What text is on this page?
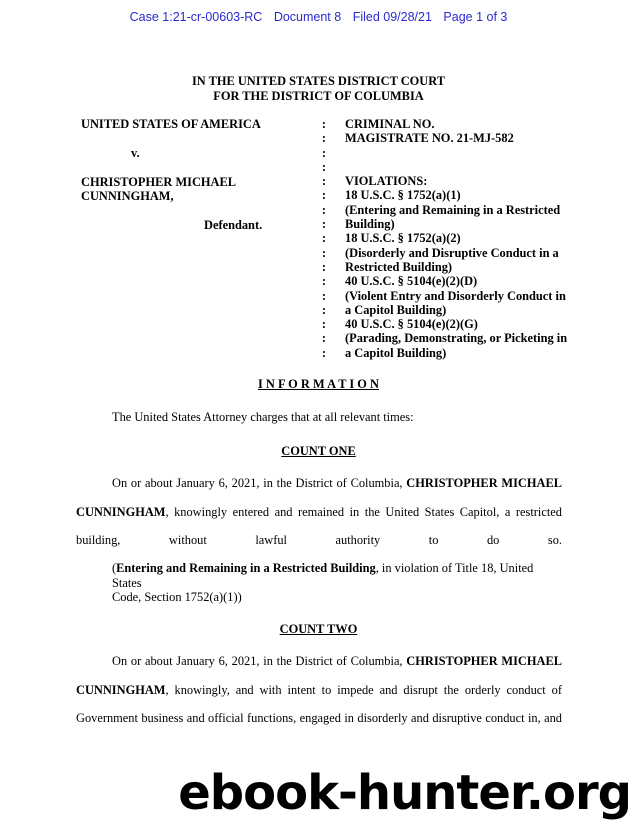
Case 1:21-cr-00603-RC Document 8 Filed 09/28/21 Page 1 of 3
IN THE UNITED STATES DISTRICT COURT
FOR THE DISTRICT OF COLUMBIA
UNITED STATES OF AMERICA
v.
CHRISTOPHER MICHAEL
CUNNINGHAM,
Defendant.
:
:
:
:
:
:
:
:
:
:
:
:
:
:
:
:
:
CRIMINAL NO.
MAGISTRATE NO. 21-MJ-582
VIOLATIONS:
18 U.S.C. § 1752(a)(1)
(Entering and Remaining in a Restricted
Building)
18 U.S.C. § 1752(a)(2)
(Disorderly and Disruptive Conduct in a
Restricted Building)
40 U.S.C. § 5104(e)(2)(D)
(Violent Entry and Disorderly Conduct in
a Capitol Building)
40 U.S.C. § 5104(e)(2)(G)
(Parading, Demonstrating, or Picketing in
a Capitol Building)
I N F O R M A T I O N
The United States Attorney charges that at all relevant times:
COUNT ONE
On or about January 6, 2021, in the District of Columbia, CHRISTOPHER MICHAEL
CUNNINGHAM, knowingly entered and remained in the United States Capitol, a restricted
building, without lawful authority to do so.
(Entering and Remaining in a Restricted Building, in violation of Title 18, United States
Code, Section 1752(a)(1))
COUNT TWO
On or about January 6, 2021, in the District of Columbia, CHRISTOPHER MICHAEL
CUNNINGHAM, knowingly, and with intent to impede and disrupt the orderly conduct of
Government business and official functions, engaged in disorderly and disruptive conduct in, and
ebook-hunter.org
